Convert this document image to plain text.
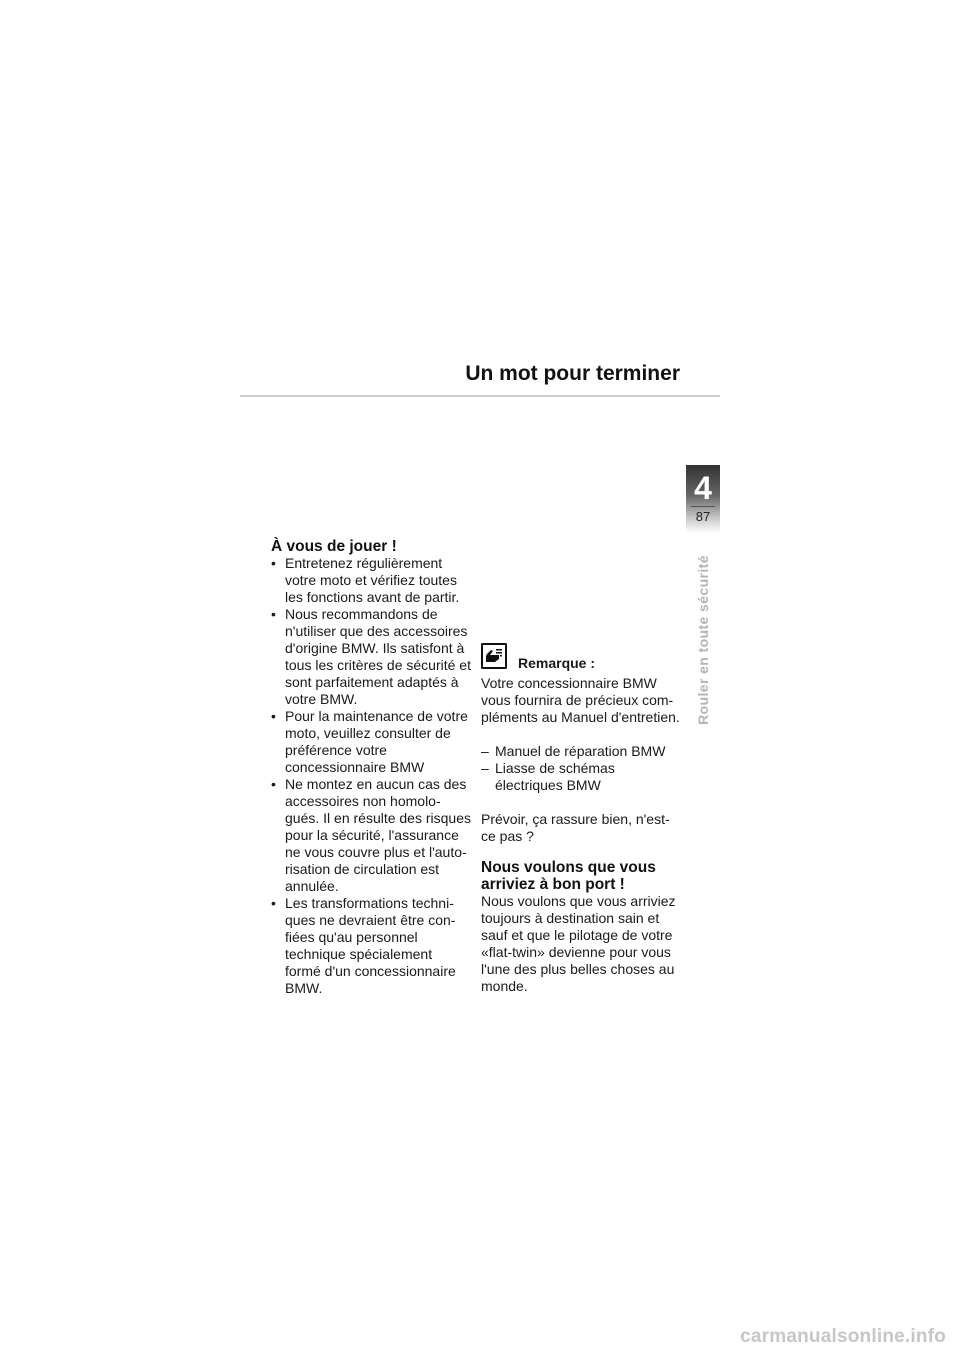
Un mot pour terminer
4
87
Rouler en toute sécurité
À vous de jouer !
• Entretenez régulièrement votre moto et vérifiez toutes les fonctions avant de partir.
• Nous recommandons de n'utiliser que des accessoires d'origine BMW. Ils satisfont à tous les critères de sécurité et sont parfaitement adaptés à votre BMW.
• Pour la maintenance de votre moto, veuillez consulter de préférence votre concessionnaire BMW
• Ne montez en aucun cas des accessoires non homolo-gués. Il en résulte des risques pour la sécurité, l'assurance ne vous couvre plus et l'auto-risation de circulation est annulée.
• Les transformations techni-ques ne devraient être con-fiées qu'au personnel technique spécialement formé d'un concessionnaire BMW.
Remarque :

Votre concessionnaire BMW vous fournira de précieux com-pléments au Manuel d'entretien.

– Manuel de réparation BMW
– Liasse de schémas électriques BMW

Prévoir, ça rassure bien, n'est-ce pas ?

Nous voulons que vous arriviez à bon port !

Nous voulons que vous arriviez toujours à destination sain et sauf et que le pilotage de votre «flat-twin» devienne pour vous l'une des plus belles choses au monde.

carmanualsonline.info
